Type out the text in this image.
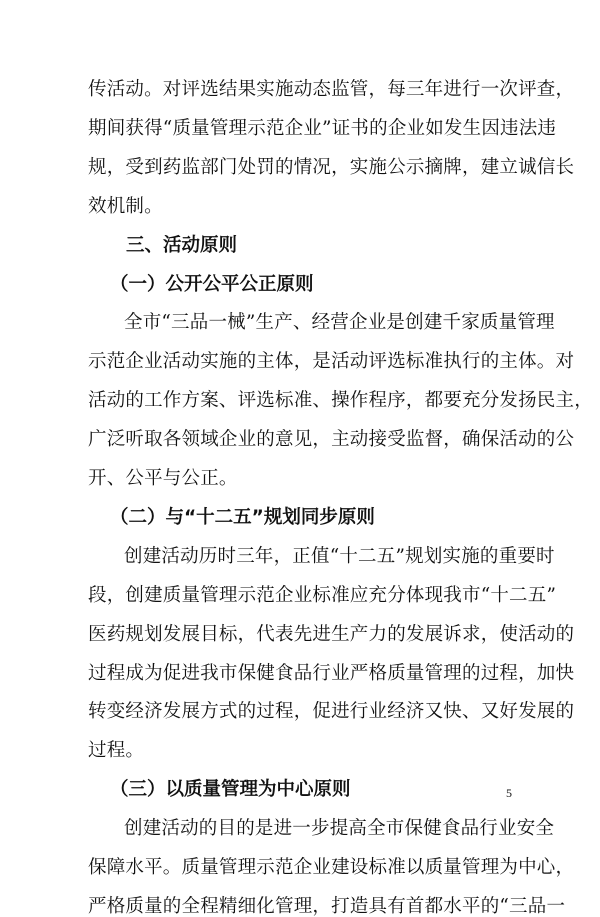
5
传活动。对评选结果实施动态监管，每三年进行一次评查，
期间获得“质量管理示范企业”证书的企业如发生因违法违
规，受到药监部门处罚的情况，实施公示摘牌，建立诚信长
效机制。
三、活动原则
（一）公开公平公正原则
全市“三品一械”生产、经营企业是创建千家质量管理
示范企业活动实施的主体，是活动评选标准执行的主体。对
活动的工作方案、评选标准、操作程序，都要充分发扬民主，
广泛听取各领域企业的意见，主动接受监督，确保活动的公
开、公平与公正。
（二）与“十二五”规划同步原则
创建活动历时三年，正值“十二五”规划实施的重要时
段，创建质量管理示范企业标准应充分体现我市“十二五”
医药规划发展目标，代表先进生产力的发展诉求，使活动的
过程成为促进我市保健食品行业严格质量管理的过程，加快
转变经济发展方式的过程，促进行业经济又快、又好发展的
过程。
（三）以质量管理为中心原则
创建活动的目的是进一步提高全市保健食品行业安全
保障水平。质量管理示范企业建设标准以质量管理为中心，
严格质量的全程精细化管理，打造具有首都水平的“三品一
